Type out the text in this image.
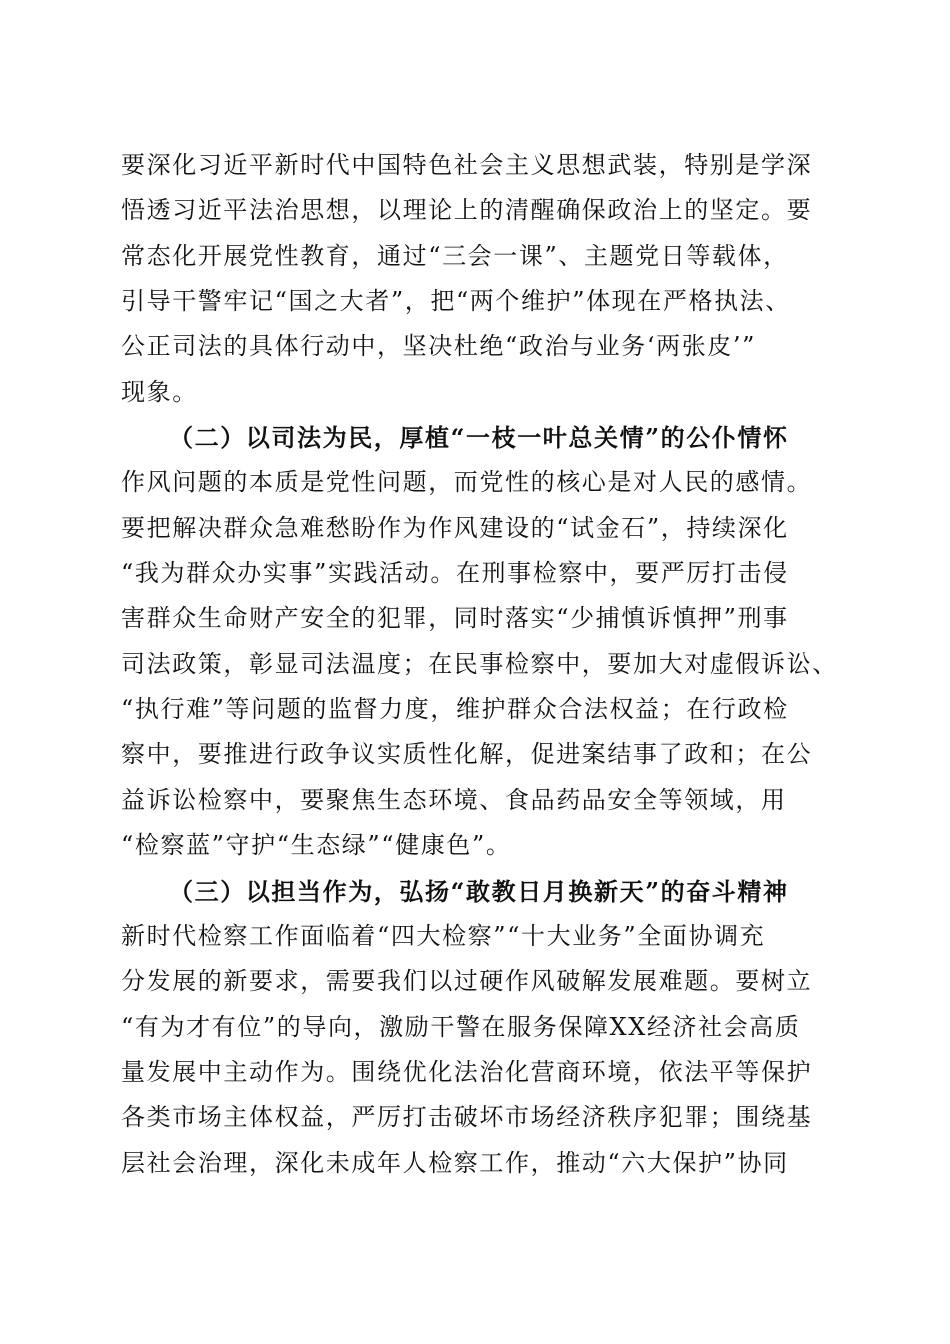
要深化习近平新时代中国特色社会主义思想武装，特别是学深
悟透习近平法治思想，以理论上的清醒确保政治上的坚定。要
常态化开展党性教育，通过“三会一课”、主题党日等载体，
引导干警牢记“国之大者”，把“两个维护”体现在严格执法、
公正司法的具体行动中，坚决杜绝“政治与业务‘两张皮’”
现象。
（二）以司法为民，厚植“一枝一叶总关情”的公仆情怀
作风问题的本质是党性问题，而党性的核心是对人民的感情。
要把解决群众急难愁盼作为作风建设的“试金石”，持续深化
“我为群众办实事”实践活动。在刑事检察中，要严厉打击侵
害群众生命财产安全的犯罪，同时落实“少捕慎诉慎押”刑事
司法政策，彰显司法温度；在民事检察中，要加大对虚假诉讼、
“执行难”等问题的监督力度，维护群众合法权益；在行政检
察中，要推进行政争议实质性化解，促进案结事了政和；在公
益诉讼检察中，要聚焦生态环境、食品药品安全等领域，用
“检察蓝”守护“生态绿”“健康色”。
（三）以担当作为，弘扬“敢教日月换新天”的奋斗精神
新时代检察工作面临着“四大检察”“十大业务”全面协调充
分发展的新要求，需要我们以过硬作风破解发展难题。要树立
“有为才有位”的导向，激励干警在服务保障XX经济社会高质
量发展中主动作为。围绕优化法治化营商环境，依法平等保护
各类市场主体权益，严厉打击破坏市场经济秩序犯罪；围绕基
层社会治理，深化未成年人检察工作，推动“六大保护”协同
